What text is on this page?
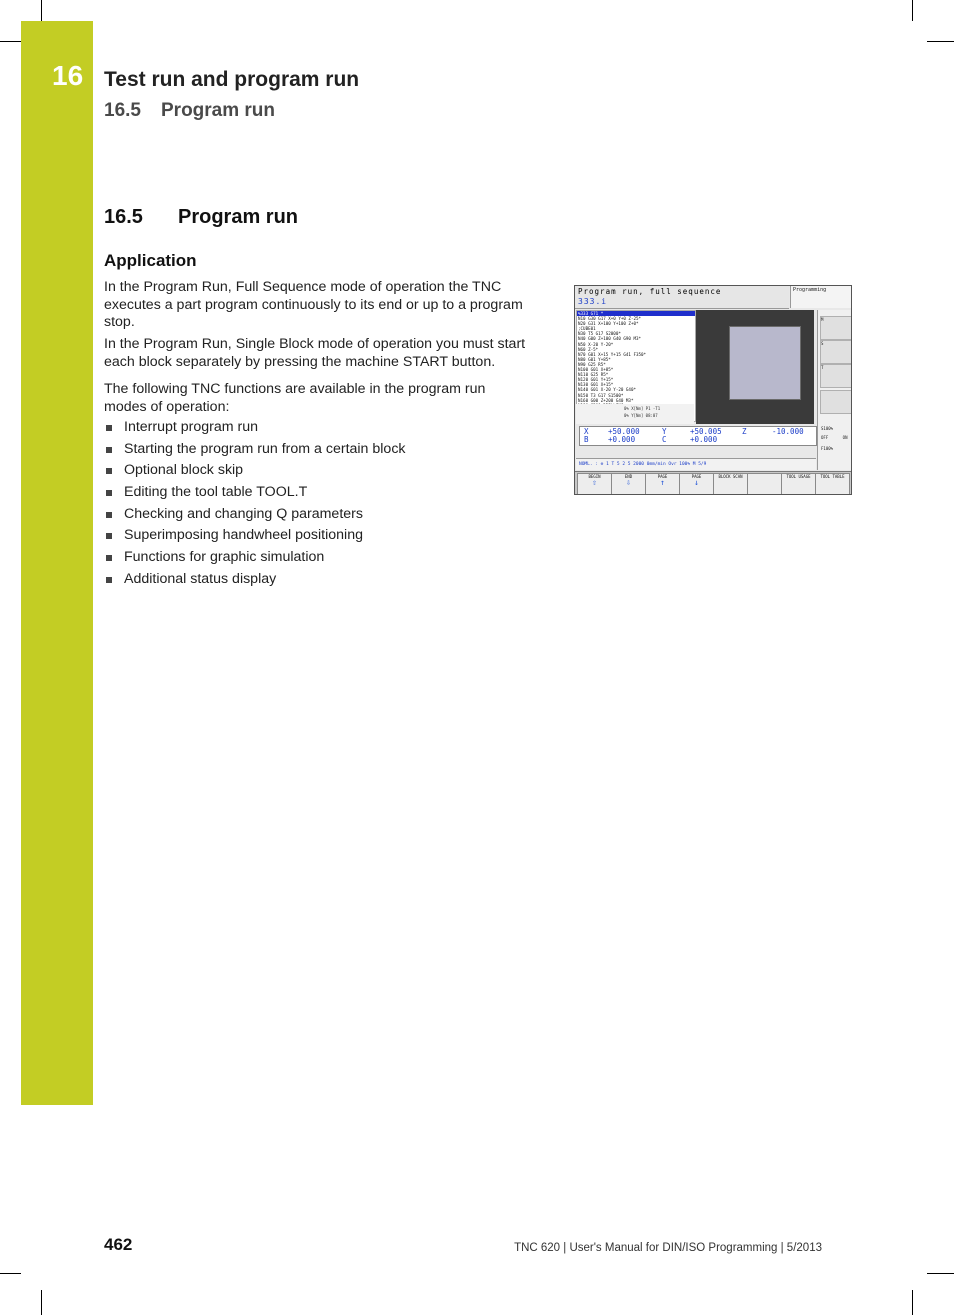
16 Test run and program run
16.5 Program run
16.5 Program run
Application

In the Program Run, Full Sequence mode of operation the TNC executes a part program continuously to its end or up to a program stop.

In the Program Run, Single Block mode of operation you must start each block separately by pressing the machine START button.

The following TNC functions are available in the program run modes of operation:

Interrupt program run
Starting the program run from a certain block
Optional block skip
Editing the tool table TOOL.T
Checking and changing Q parameters
Superimposing handwheel positioning
Functions for graphic simulation
Additional status display
Program run, full sequence
333.i
Programming
%333 G71 *
N10 G30 G17 X+0 Y+0 Z-25*
N20 G31 X+100 Y+100 Z+0*
;CUBE01
N30 T5 G17 S2000*
N40 G00 Z+100 G40 G90 M3*
N50 X-20 Y-20*
N60 Z-5*
N70 G01 X+15 Y+15 G41 F350*
N80 G01 Y+85*
N90 G25 R5*
N100 G01 X+85*
N110 G25 R5*
N120 G01 Y+15*
N130 G01 X+15*
N140 G01 X-20 Y-20 G40*
N150 T3 G17 S1500*
N160 G00 Z+200 G40 M3*
0% X[Nm] P1 -T1
0% Y[Nm] 08:07
M
S
T
S100%
OFF	ON
F100%
X	+50.000	Y	+50.005	Z	-10.000
B	+0.000	C	+0.000
NOML. : ⊕ 1 T 5 2 5 2000 0mm/min Ovr 100% M 5/9
BEGIN
⇧
END
⇩
PAGE
↑
PAGE
↓
BLOCK SCAN	TOOL USAGE	TOOL TABLE
462	TNC 620 | User's Manual for DIN/ISO Programming | 5/2013
